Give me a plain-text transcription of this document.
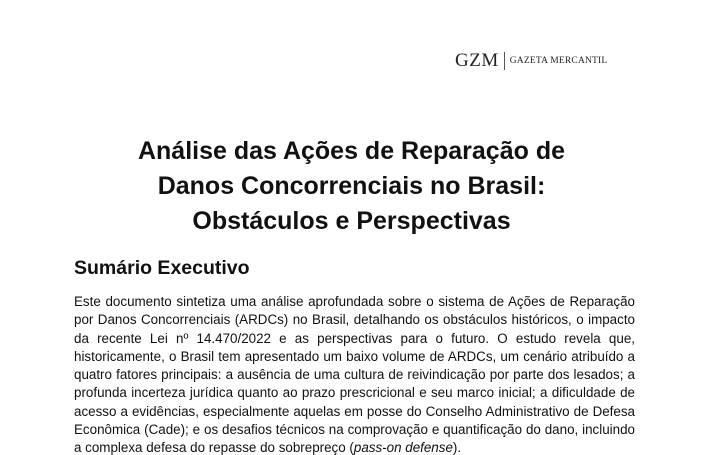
GZM GAZETA MERCANTIL
Análise das Ações de Reparação de
Danos Concorrenciais no Brasil:
Obstáculos e Perspectivas
Sumário Executivo

Este documento sintetiza uma análise aprofundada sobre o sistema de Ações de Reparação por Danos Concorrenciais (ARDCs) no Brasil, detalhando os obstáculos históricos, o impacto da recente Lei nº 14.470/2022 e as perspectivas para o futuro. O estudo revela que, historicamente, o Brasil tem apresentado um baixo volume de ARDCs, um cenário atribuído a quatro fatores principais: a ausência de uma cultura de reivindicação por parte dos lesados; a profunda incerteza jurídica quanto ao prazo prescricional e seu marco inicial; a dificuldade de acesso a evidências, especialmente aquelas em posse do Conselho Administrativo de Defesa Econômica (Cade); e os desafios técnicos na comprovação e quantificação do dano, incluindo a complexa defesa do repasse do sobrepreço (pass-on defense).
